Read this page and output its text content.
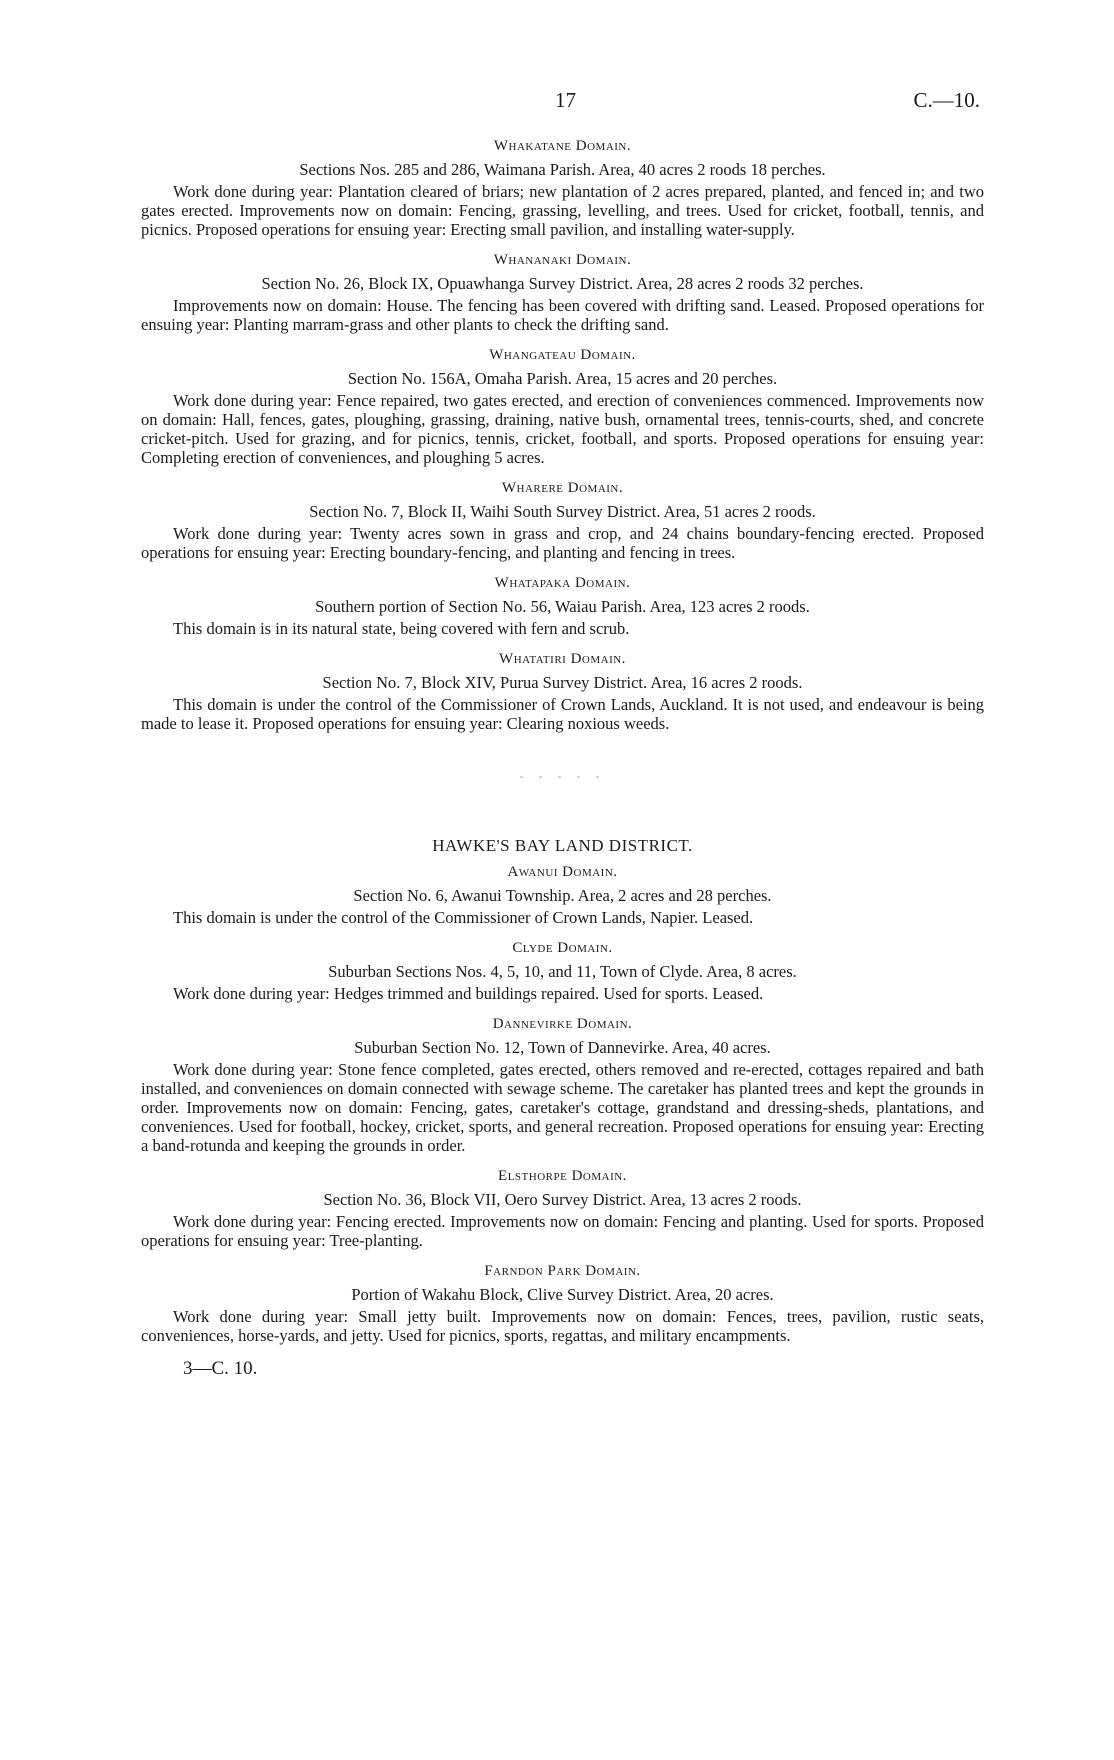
17	C.—10.
Whakatane Domain.
Sections Nos. 285 and 286, Waimana Parish. Area, 40 acres 2 roods 18 perches.

Work done during year: Plantation cleared of briars; new plantation of 2 acres prepared, planted, and fenced in; and two gates erected. Improvements now on domain: Fencing, grassing, levelling, and trees. Used for cricket, football, tennis, and picnics. Proposed operations for ensuing year: Erecting small pavilion, and installing water-supply.

Whananaki Domain.
Section No. 26, Block IX, Opuawhanga Survey District. Area, 28 acres 2 roods 32 perches.

Improvements now on domain: House. The fencing has been covered with drifting sand. Leased. Proposed operations for ensuing year: Planting marram-grass and other plants to check the drifting sand.

Whangateau Domain.
Section No. 156A, Omaha Parish. Area, 15 acres and 20 perches.

Work done during year: Fence repaired, two gates erected, and erection of conveniences commenced. Improvements now on domain: Hall, fences, gates, ploughing, grassing, draining, native bush, ornamental trees, tennis-courts, shed, and concrete cricket-pitch. Used for grazing, and for picnics, tennis, cricket, football, and sports. Proposed operations for ensuing year: Completing erection of conveniences, and ploughing 5 acres.

Wharere Domain.
Section No. 7, Block II, Waihi South Survey District. Area, 51 acres 2 roods.

Work done during year: Twenty acres sown in grass and crop, and 24 chains boundary-fencing erected. Proposed operations for ensuing year: Erecting boundary-fencing, and planting and fencing in trees.

Whatapaka Domain.
Southern portion of Section No. 56, Waiau Parish. Area, 123 acres 2 roods.

This domain is in its natural state, being covered with fern and scrub.

Whatatiri Domain.
Section No. 7, Block XIV, Purua Survey District. Area, 16 acres 2 roods.

This domain is under the control of the Commissioner of Crown Lands, Auckland. It is not used, and endeavour is being made to lease it. Proposed operations for ensuing year: Clearing noxious weeds.

- - - - -
HAWKE'S BAY LAND DISTRICT.
Awanui Domain.
Section No. 6, Awanui Township. Area, 2 acres and 28 perches.

This domain is under the control of the Commissioner of Crown Lands, Napier. Leased.

Clyde Domain.
Suburban Sections Nos. 4, 5, 10, and 11, Town of Clyde. Area, 8 acres.

Work done during year: Hedges trimmed and buildings repaired. Used for sports. Leased.

Dannevirke Domain.
Suburban Section No. 12, Town of Dannevirke. Area, 40 acres.

Work done during year: Stone fence completed, gates erected, others removed and re-erected, cottages repaired and bath installed, and conveniences on domain connected with sewage scheme. The caretaker has planted trees and kept the grounds in order. Improvements now on domain: Fencing, gates, caretaker's cottage, grandstand and dressing-sheds, plantations, and conveniences. Used for football, hockey, cricket, sports, and general recreation. Proposed operations for ensuing year: Erecting a band-rotunda and keeping the grounds in order.

Elsthorpe Domain.
Section No. 36, Block VII, Oero Survey District. Area, 13 acres 2 roods.

Work done during year: Fencing erected. Improvements now on domain: Fencing and planting. Used for sports. Proposed operations for ensuing year: Tree-planting.

Farndon Park Domain.
Portion of Wakahu Block, Clive Survey District. Area, 20 acres.

Work done during year: Small jetty built. Improvements now on domain: Fences, trees, pavilion, rustic seats, conveniences, horse-yards, and jetty. Used for picnics, sports, regattas, and military encampments.

3—C. 10.
